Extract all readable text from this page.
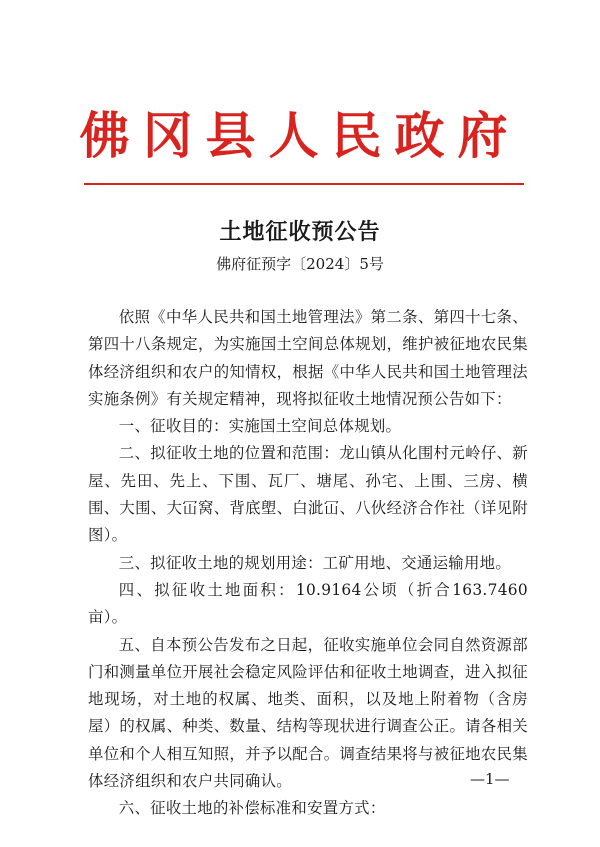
佛冈县人民政府
土地征收预公告
佛府征预字〔2024〕5号

依照《中华人民共和国土地管理法》第二条、第四十七条、第四十八条规定，为实施国土空间总体规划，维护被征地农民集体经济组织和农户的知情权，根据《中华人民共和国土地管理法实施条例》有关规定精神，现将拟征收土地情况预公告如下：

一、征收目的：实施国土空间总体规划。

二、拟征收土地的位置和范围：龙山镇从化围村元岭仔、新屋、先田、先上、下围、瓦厂、塘尾、孙宅、上围、三房、横围、大围、大冚窝、背底塱、白泚冚、八伙经济合作社（详见附图）。

三、拟征收土地的规划用途：工矿用地、交通运输用地。

四、拟征收土地面积：10.9164公顷（折合163.7460亩）。

五、自本预公告发布之日起，征收实施单位会同自然资源部门和测量单位开展社会稳定风险评估和征收土地调查，进入拟征地现场，对土地的权属、地类、面积，以及地上附着物（含房屋）的权属、种类、数量、结构等现状进行调查公正。请各相关单位和个人相互知照，并予以配合。调查结果将与被征地农民集体经济组织和农户共同确认。

六、征收土地的补偿标准和安置方式：

—1—
